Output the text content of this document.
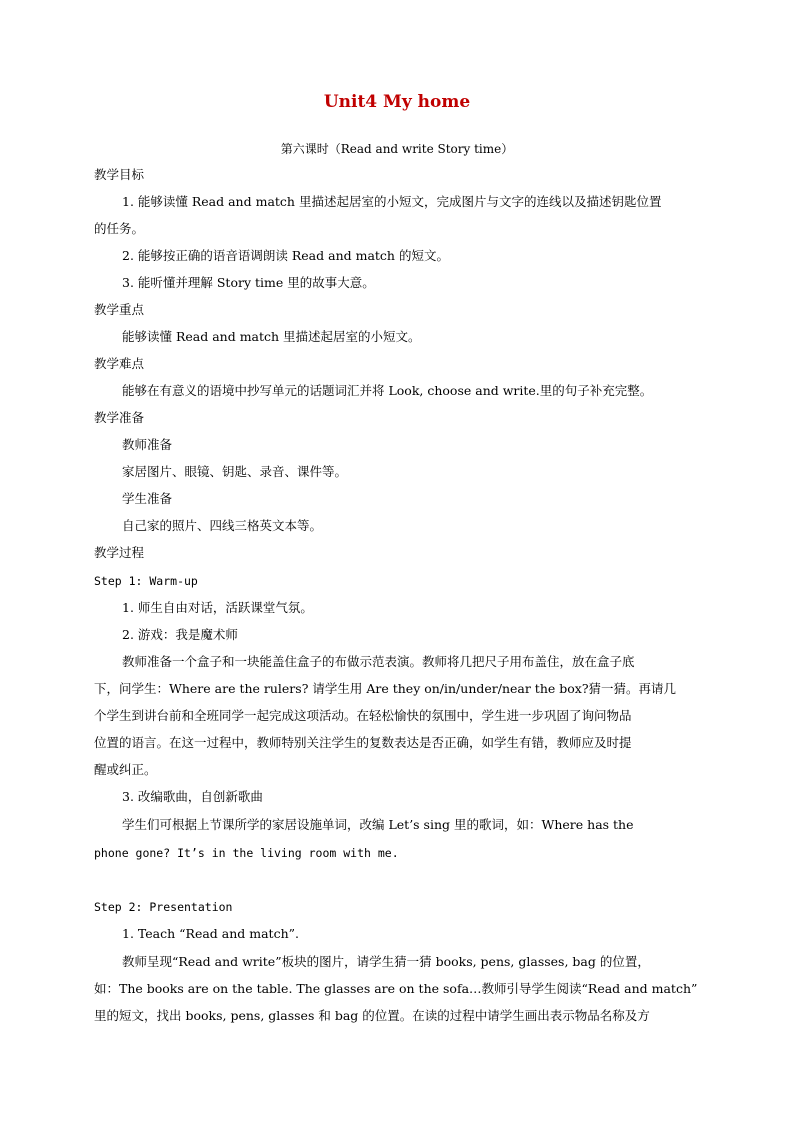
Unit4 My home
第六课时（Read and write Story time）
教学目标
1. 能够读懂 Read and match 里描述起居室的小短文，完成图片与文字的连线以及描述钥匙位置
的任务。
2. 能够按正确的语音语调朗读 Read and match 的短文。
3. 能听懂并理解 Story time 里的故事大意。
教学重点
能够读懂 Read and match 里描述起居室的小短文。
教学难点
能够在有意义的语境中抄写单元的话题词汇并将 Look, choose and write.里的句子补充完整。
教学准备
教师准备
家居图片、眼镜、钥匙、录音、课件等。
学生准备
自己家的照片、四线三格英文本等。
教学过程
Step 1: Warm-up
1. 师生自由对话，活跃课堂气氛。
2. 游戏：我是魔术师
教师准备一个盒子和一块能盖住盒子的布做示范表演。教师将几把尺子用布盖住，放在盒子底
下，问学生：Where are the rulers? 请学生用 Are they on/in/under/near the box?猜一猜。再请几
个学生到讲台前和全班同学一起完成这项活动。在轻松愉快的氛围中，学生进一步巩固了询问物品
位置的语言。在这一过程中，教师特别关注学生的复数表达是否正确，如学生有错，教师应及时提
醒或纠正。
3. 改编歌曲，自创新歌曲
学生们可根据上节课所学的家居设施单词，改编 Let’s sing 里的歌词，如：Where has the
phone gone? It’s in the living room with me.
Step 2: Presentation
1. Teach “Read and match”.
教师呈现“Read and write”板块的图片，请学生猜一猜 books, pens, glasses, bag 的位置，
如：The books are on the table. The glasses are on the sofa…教师引导学生阅读“Read and match”
里的短文，找出 books, pens, glasses 和 bag 的位置。在读的过程中请学生画出表示物品名称及方
